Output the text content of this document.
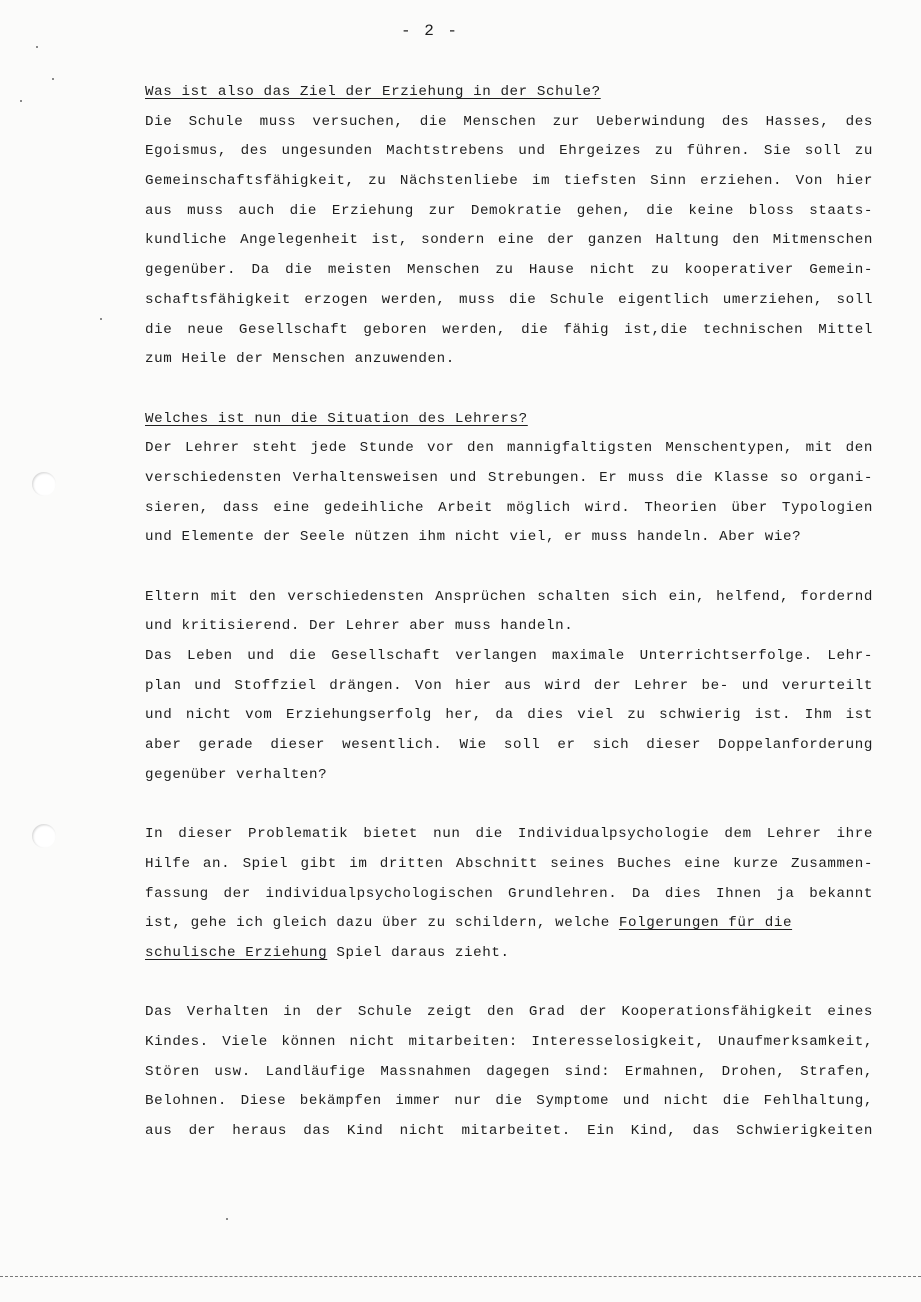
- 2 -
Was ist also das Ziel der Erziehung in der Schule?
Die Schule muss versuchen, die Menschen zur Ueberwindung des Hasses, des
Egoismus, des ungesunden Machtstrebens und Ehrgeizes zu führen. Sie soll zu
Gemeinschaftsfähigkeit, zu Nächstenliebe im tiefsten Sinn erziehen. Von hier
aus muss auch die Erziehung zur Demokratie gehen, die keine bloss staats-
kundliche Angelegenheit ist, sondern eine der ganzen Haltung den Mitmenschen
gegenüber. Da die meisten Menschen zu Hause nicht zu kooperativer Gemein-
schaftsfähigkeit erzogen werden, muss die Schule eigentlich umerziehen, soll
die neue Gesellschaft geboren werden, die fähig ist,die technischen Mittel
zum Heile der Menschen anzuwenden.
Welches ist nun die Situation des Lehrers?
Der Lehrer steht jede Stunde vor den mannigfaltigsten Menschentypen, mit den
verschiedensten Verhaltensweisen und Strebungen. Er muss die Klasse so organi-
sieren, dass eine gedeihliche Arbeit möglich wird. Theorien über Typologien
und Elemente der Seele nützen ihm nicht viel, er muss handeln. Aber wie?
Eltern mit den verschiedensten Ansprüchen schalten sich ein, helfend, fordernd
und kritisierend. Der Lehrer aber muss handeln.
Das Leben und die Gesellschaft verlangen maximale Unterrichtserfolge. Lehr-
plan und Stoffziel drängen. Von hier aus wird der Lehrer be- und verurteilt
und nicht vom Erziehungserfolg her, da dies viel zu schwierig ist. Ihm ist
aber gerade dieser wesentlich. Wie soll er sich dieser Doppelanforderung
gegenüber verhalten?
In dieser Problematik bietet nun die Individualpsychologie dem Lehrer ihre
Hilfe an. Spiel gibt im dritten Abschnitt seines Buches eine kurze Zusammen-
fassung der individualpsychologischen Grundlehren. Da dies Ihnen ja bekannt
ist, gehe ich gleich dazu über zu schildern, welche Folgerungen für die
schulische Erziehung Spiel daraus zieht.
Das Verhalten in der Schule zeigt den Grad der Kooperationsfähigkeit eines
Kindes. Viele können nicht mitarbeiten: Interesselosigkeit, Unaufmerksamkeit,
Stören usw. Landläufige Massnahmen dagegen sind: Ermahnen, Drohen, Strafen,
Belohnen. Diese bekämpfen immer nur die Symptome und nicht die Fehlhaltung,
aus der heraus das Kind nicht mitarbeitet. Ein Kind, das Schwierigkeiten
